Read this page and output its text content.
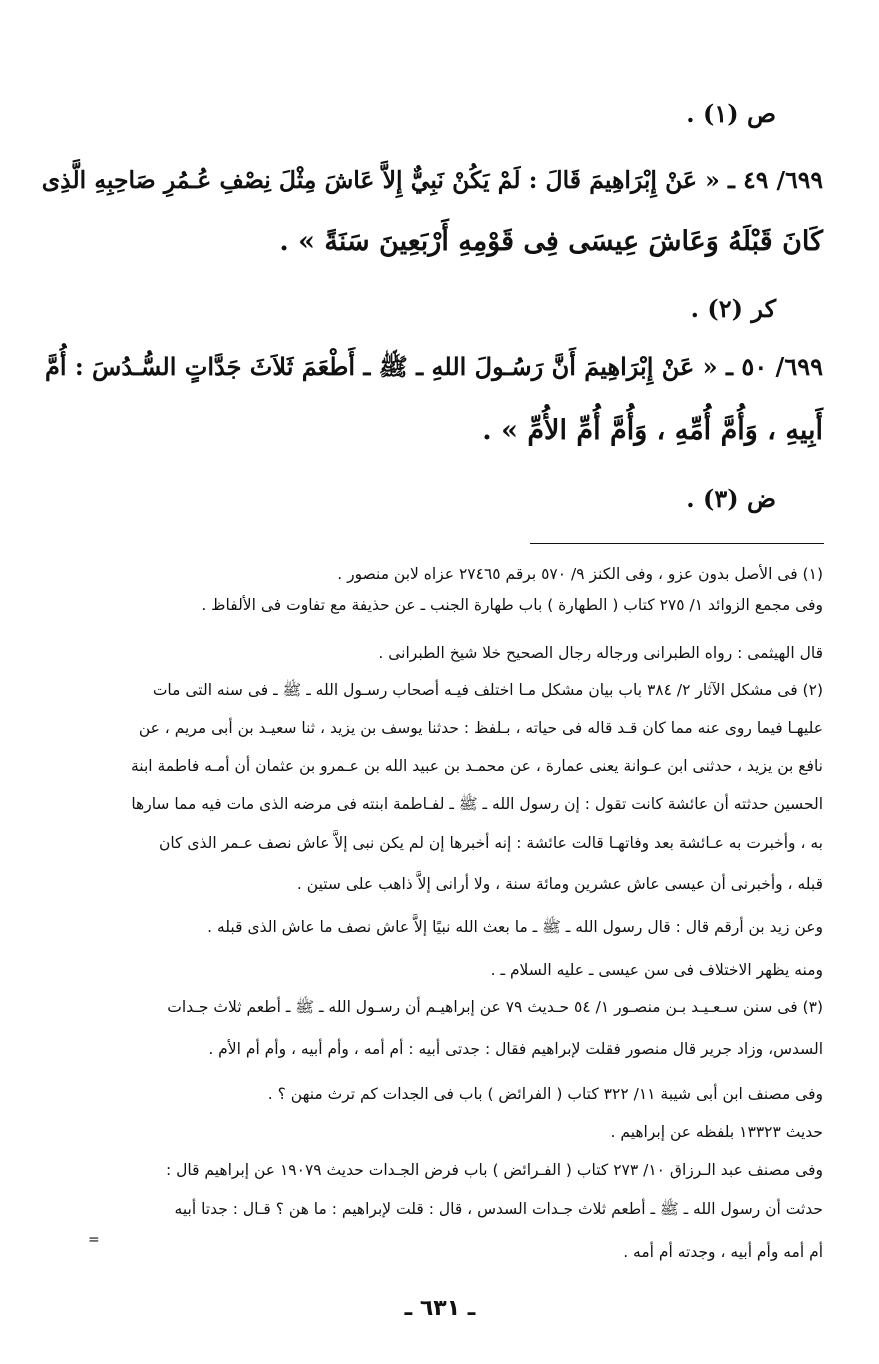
ص (١) .
٦٩٩/ ٤٩ ـ « عَنْ إِبْرَاهِيمَ قَالَ : لَمْ يَكُنْ نَبِيٌّ إِلاَّ عَاشَ مِثْلَ نِصْفِ عُـمُرِ صَاحِبِهِ الَّذِى
كَانَ قَبْلَهُ وَعَاشَ عِيسَى فِى قَوْمِهِ أَرْبَعِينَ سَنَةً » .
كر (٢) .
٦٩٩/ ٥٠ ـ « عَنْ إِبْرَاهِيمَ أَنَّ رَسُـولَ اللهِ ـ ﷺ ـ أَطْعَمَ ثَلاَثَ جَدَّاتٍ السُّـدُسَ : أُمَّ
أَبِيهِ ، وَأُمَّ أُمِّهِ ، وَأُمَّ أُمِّ الأُمِّ » .
ض (٣) .
(١) فى الأصل بدون عزو ، وفى الكنز ٩/ ٥٧٠ برقم ٢٧٤٦٥ عزاه لابن منصور .
وفى مجمع الزوائد ١/ ٢٧٥ كتاب ( الطهارة ) باب طهارة الجنب ـ عن حذيفة مع تفاوت فى الألفاظ .
قال الهيثمى : رواه الطبرانى ورجاله رجال الصحيح خلا شيخ الطبرانى .
(٢) فى مشكل الآثار ٢/ ٣٨٤ باب بيان مشكل مـا اختلف فيـه أصحاب رسـول الله ـ ﷺ ـ فى سنه التى مات
عليهـا فيما روى عنه مما كان قـد قاله فى حياته ، بـلفظ : حدثنا يوسف بن يزيد ، ثنا سعيـد بن أبى مريم ، عن
نافع بن يزيد ، حدثنى ابن عـوانة يعنى عمارة ، عن محمـد بن عبيد الله بن عـمرو بن عثمان أن أمـه فاطمة ابنة
الحسين حدثته أن عائشة كانت تقول : إن رسول الله ـ ﷺ ـ لفـاطمة ابنته فى مرضه الذى مات فيه مما سارها
به ، وأخبرت به عـائشة بعد وفاتهـا قالت عائشة : إنه أخبرها إن لم يكن نبى إلاَّ عاش نصف عـمر الذى كان
قبله ، وأخبرنى أن عيسى عاش عشرين ومائة سنة ، ولا أرانى إلاَّ ذاهب على ستين .
وعن زيد بن أرقم قال : قال رسول الله ـ ﷺ ـ ما بعث الله نبيًا إلاَّ عاش نصف ما عاش الذى قبله .
ومنه يظهر الاختلاف فى سن عيسى ـ عليه السلام ـ .
(٣) فى سنن سـعـيـد بـن منصـور ١/ ٥٤ حـديث ٧٩ عن إبراهيـم أن رسـول الله ـ ﷺ ـ أطعم ثلاث جـدات
السدس، وزاد جرير قال منصور فقلت لإبراهيم فقال : جدتى أبيه : أم أمه ، وأم أبيه ، وأم أم الأم .
وفى مصنف ابن أبى شيبة ١١/ ٣٢٢ كتاب ( الفرائض ) باب فى الجدات كم ترث منهن ؟ .
حديث ١٣٣٢٣ بلفظه عن إبراهيم .
وفى مصنف عبد الـرزاق ١٠/ ٢٧٣ كتاب ( الفـرائض ) باب فرض الجـدات حديث ١٩٠٧٩ عن إبراهيم قال :
حدثت أن رسول الله ـ ﷺ ـ أطعم ثلاث جـدات السدس ، قال : قلت لإبراهيم : ما هن ؟ قـال : جدتا أبيه
أم أمه وأم أبيه ، وجدته أم أمه .
=
ـ ٦٣١ ـ
